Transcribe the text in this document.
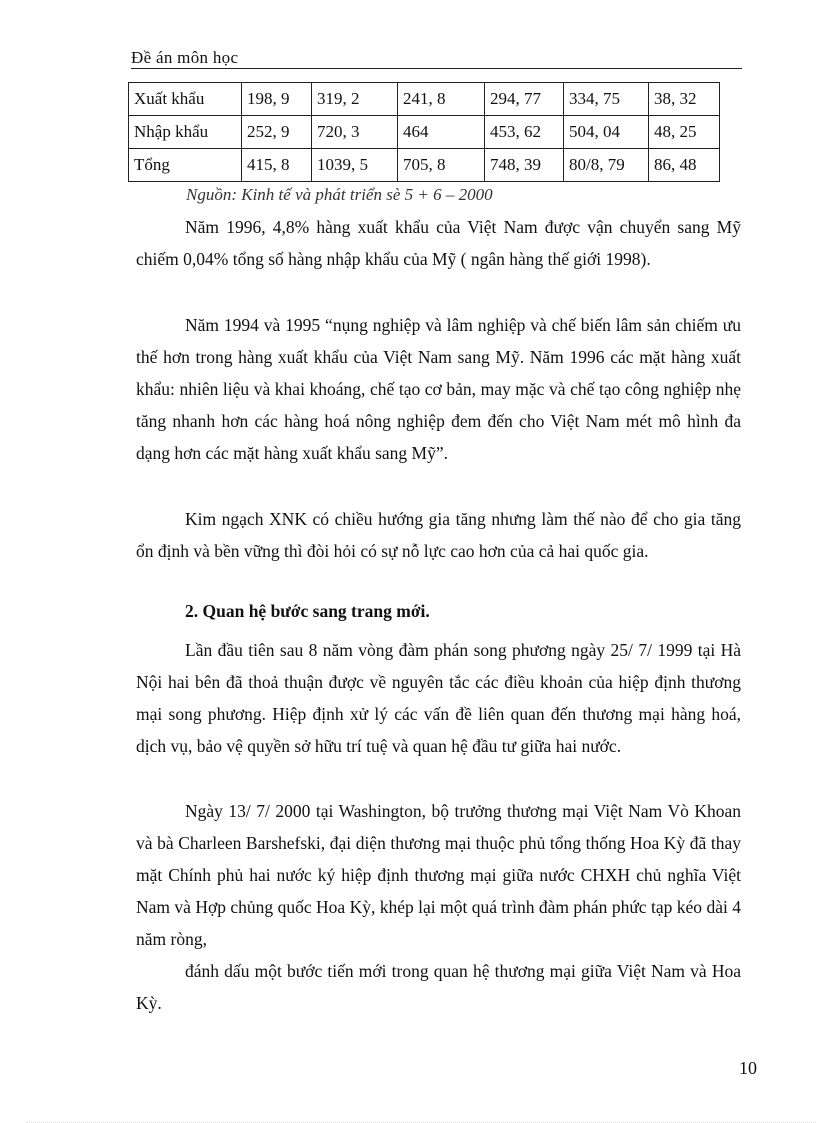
Đề án môn học
Xuất khẩu	198, 9	319, 2	241, 8	294, 77	334, 75	38, 32
Nhập khẩu	252, 9	720, 3	464	453, 62	504, 04	48, 25
Tổng	415, 8	1039, 5	705, 8	748, 39	80/8, 79	86, 48
Nguồn: Kinh tế và phát triển sè 5 + 6 – 2000

Năm 1996, 4,8% hàng xuất khẩu của Việt Nam được vận chuyển sang Mỹ chiếm 0,04% tổng số hàng nhập khẩu của Mỹ ( ngân hàng thế giới 1998).

Năm 1994 và 1995 “nụng nghiệp và lâm nghiệp và chế biến lâm sản chiếm ưu thế hơn trong hàng xuất khẩu của Việt Nam sang Mỹ. Năm 1996 các mặt hàng xuất khẩu: nhiên liệu và khai khoáng, chế tạo cơ bản, may mặc và chế tạo công nghiệp nhẹ tăng nhanh hơn các hàng hoá nông nghiệp đem đến cho Việt Nam mét mô hình đa dạng hơn các mặt hàng xuất khẩu sang Mỹ”.

Kim ngạch XNK có chiều hướng gia tăng nhưng làm thế nào để cho gia tăng ổn định và bền vững thì đòi hỏi có sự nỗ lực cao hơn của cả hai quốc gia.

2. Quan hệ bước sang trang mới.

Lần đầu tiên sau 8 năm vòng đàm phán song phương ngày 25/ 7/ 1999 tại Hà Nội hai bên đã thoả thuận được về nguyên tắc các điều khoản của hiệp định thương mại song phương. Hiệp định xử lý các vấn đề liên quan đến thương mại hàng hoá, dịch vụ, bảo vệ quyền sở hữu trí tuệ và quan hệ đầu tư giữa hai nước.

Ngày 13/ 7/ 2000 tại Washington, bộ trưởng thương mại Việt Nam Vò Khoan và bà Charleen Barshefski, đại diện thương mại thuộc phủ tổng thống Hoa Kỳ đã thay mặt Chính phủ hai nước ký hiệp định thương mại giữa nước CHXH chủ nghĩa Việt Nam và Hợp chủng quốc Hoa Kỳ, khép lại một quá trình đàm phán phức tạp kéo dài 4 năm ròng,

đánh dấu một bước tiến mới trong quan hệ thương mại giữa Việt Nam và Hoa Kỳ.

10
